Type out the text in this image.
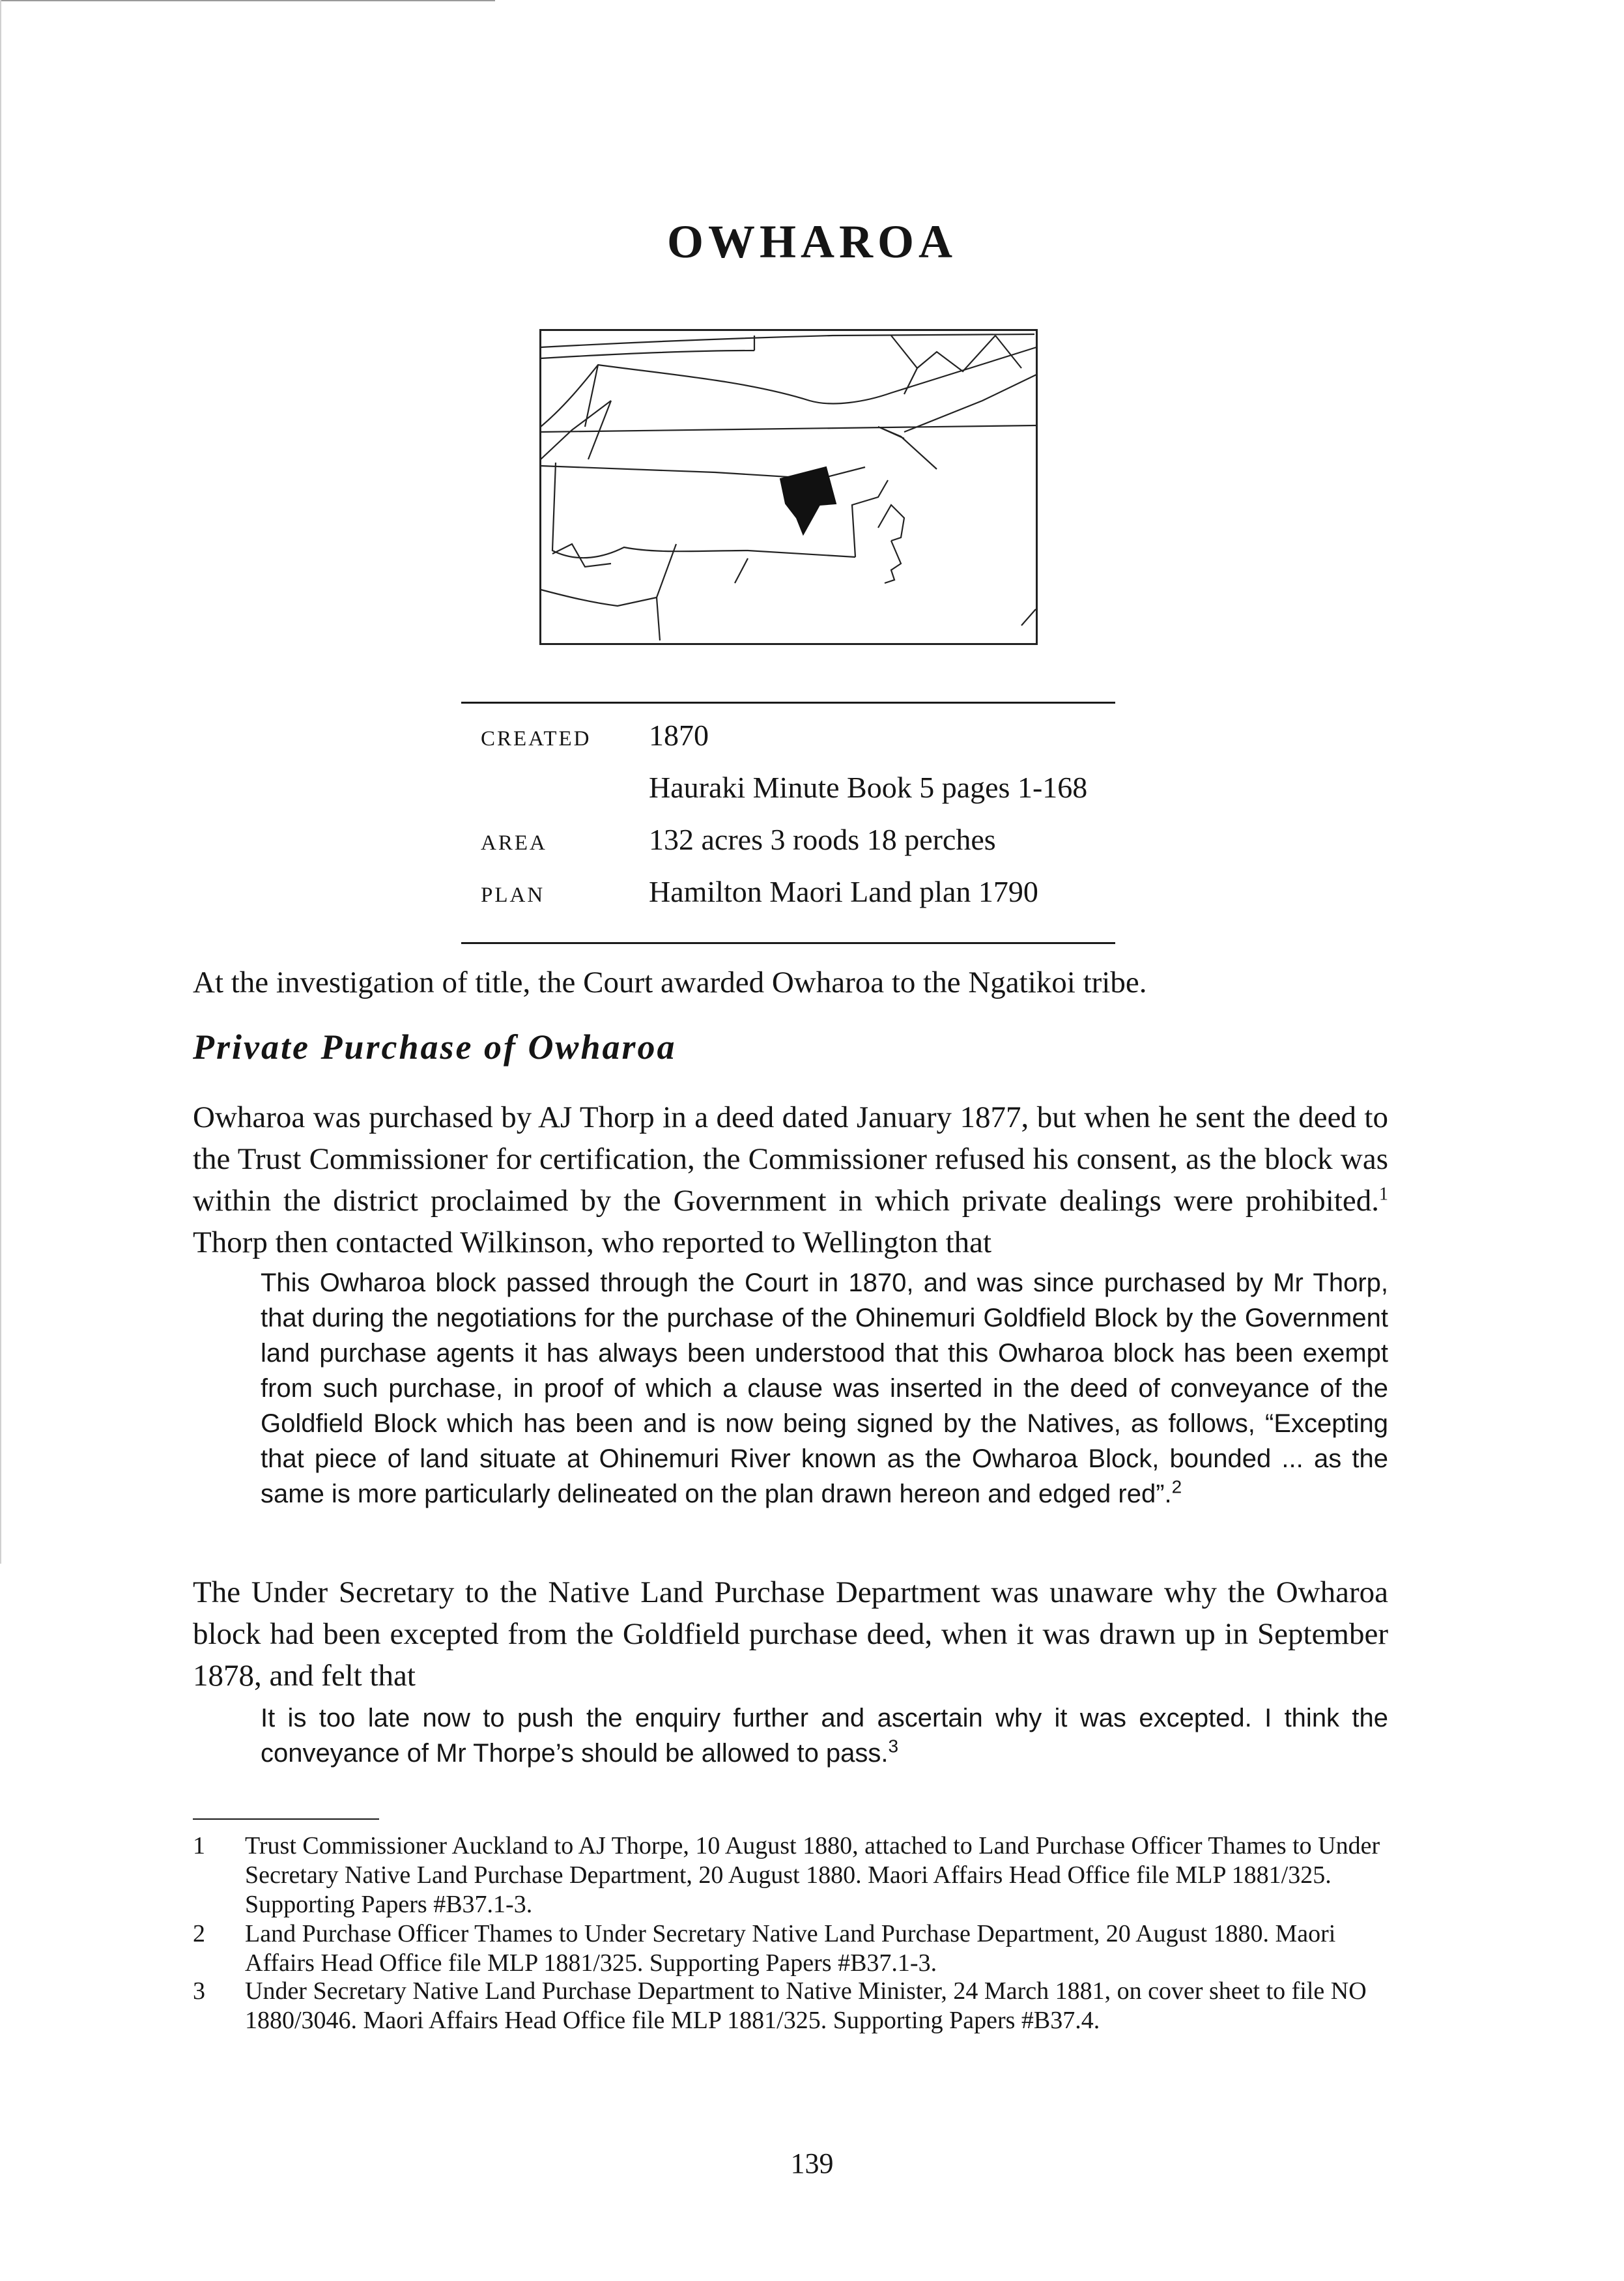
OWHAROA
CREATED	1870
Hauraki Minute Book 5 pages 1-168
AREA	132 acres 3 roods 18 perches
PLAN	Hamilton Maori Land plan 1790

At the investigation of title, the Court awarded Owharoa to the Ngatikoi tribe.

Private Purchase of Owharoa

Owharoa was purchased by AJ Thorp in a deed dated January 1877, but when he sent the deed to the Trust Commissioner for certification, the Commissioner refused his consent, as the block was within the district proclaimed by the Government in which private dealings were prohibited.$^1$ Thorp then contacted Wilkinson, who reported to Wellington that

This Owharoa block passed through the Court in 1870, and was since purchased by Mr Thorp, that during the negotiations for the purchase of the Ohinemuri Goldfield Block by the Government land purchase agents it has always been understood that this Owharoa block has been exempt from such purchase, in proof of which a clause was inserted in the deed of conveyance of the Goldfield Block which has been and is now being signed by the Natives, as follows, “Excepting that piece of land situate at Ohinemuri River known as the Owharoa Block, bounded ... as the same is more particularly delineated on the plan drawn hereon and edged red”.$^2$

The Under Secretary to the Native Land Purchase Department was unaware why the Owharoa block had been excepted from the Goldfield purchase deed, when it was drawn up in September 1878, and felt that

It is too late now to push the enquiry further and ascertain why it was excepted. I think the conveyance of Mr Thorpe’s should be allowed to pass.$^3$

1	Trust Commissioner Auckland to AJ Thorpe, 10 August 1880, attached to Land Purchase Officer Thames to Under Secretary Native Land Purchase Department, 20 August 1880. Maori Affairs Head Office file MLP 1881/325. Supporting Papers #B37.1-3.
2	Land Purchase Officer Thames to Under Secretary Native Land Purchase Department, 20 August 1880. Maori Affairs Head Office file MLP 1881/325. Supporting Papers #B37.1-3.
3	Under Secretary Native Land Purchase Department to Native Minister, 24 March 1881, on cover sheet to file NO 1880/3046. Maori Affairs Head Office file MLP 1881/325. Supporting Papers #B37.4.
139
